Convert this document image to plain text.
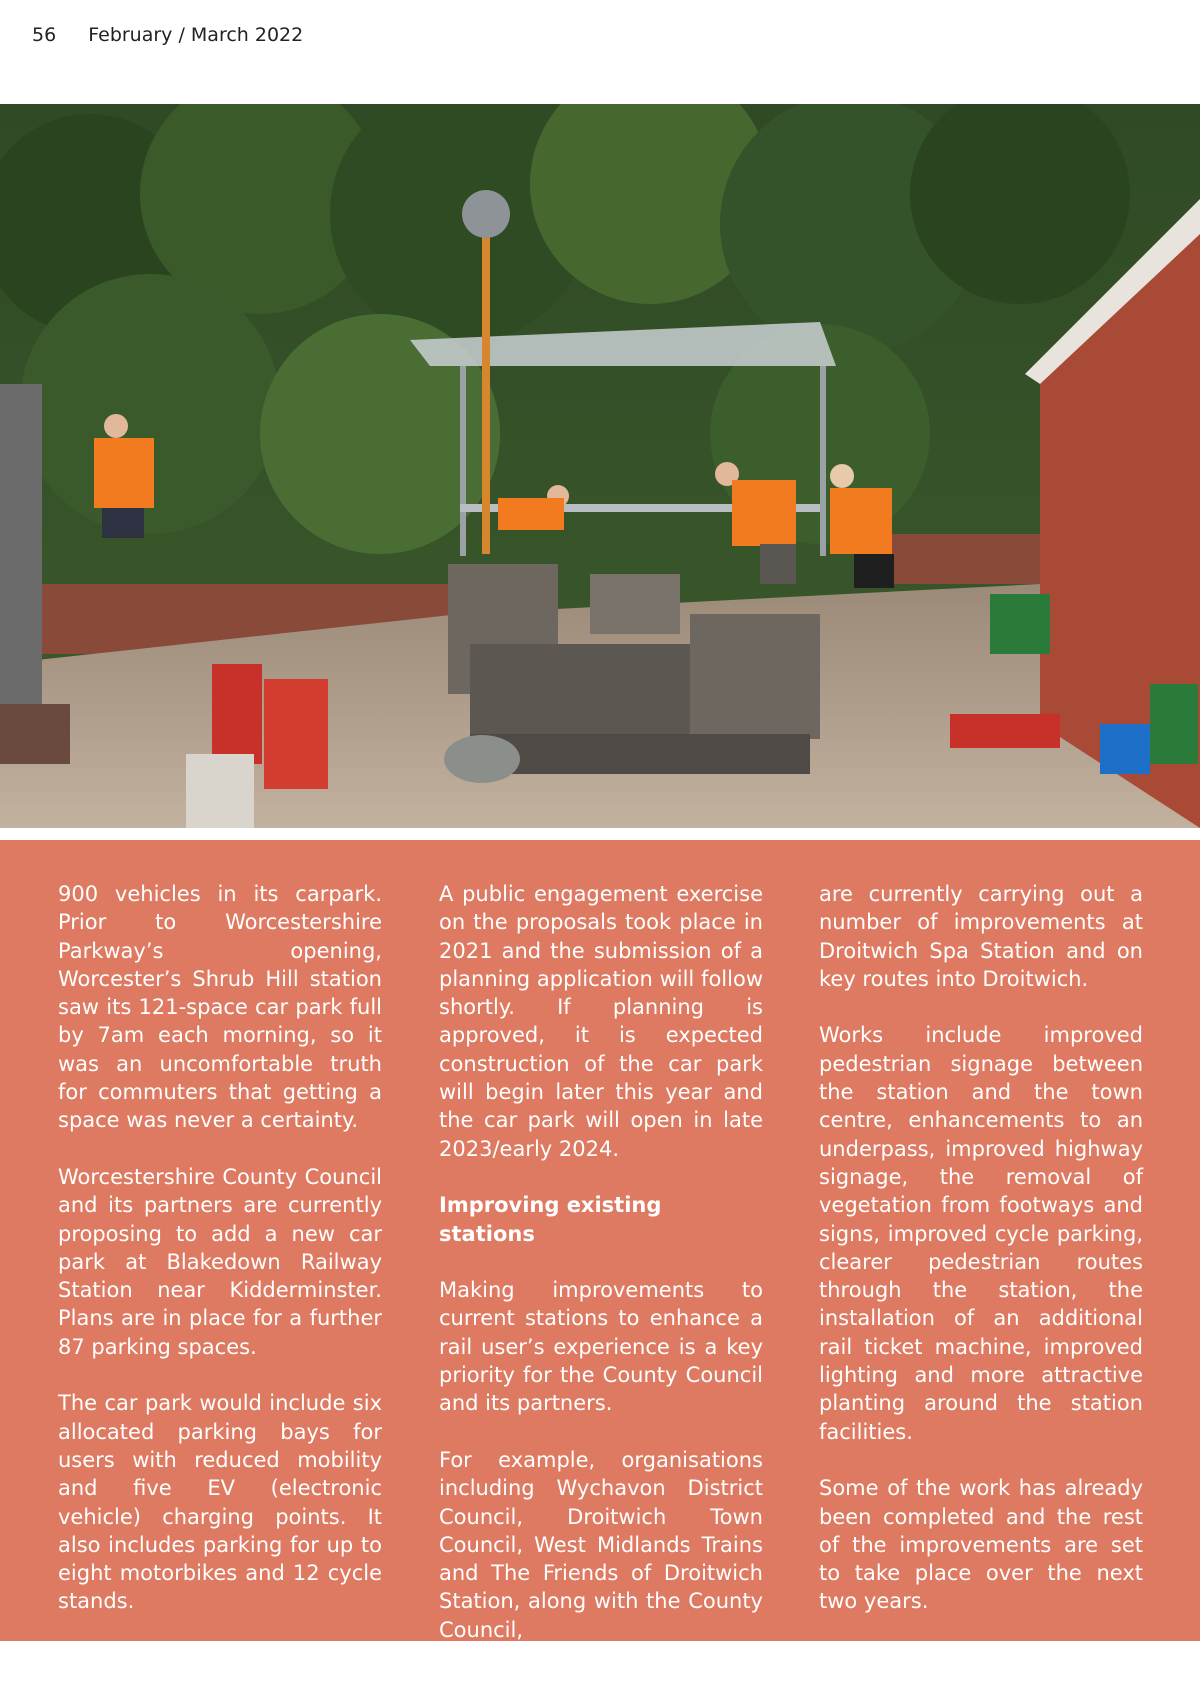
56 February / March 2022

900 vehicles in its carpark. Prior to Worcestershire Parkway’s opening, Worcester’s Shrub Hill station saw its 121-space car park full by 7am each morning, so it was an uncomfortable truth for commuters that getting a space was never a certainty.

Worcestershire County Council and its partners are currently proposing to add a new car park at Blakedown Railway Station near Kidderminster. Plans are in place for a further 87 parking spaces.

The car park would include six allocated parking bays for users with reduced mobility and five EV (electronic vehicle) charging points. It also includes parking for up to eight motorbikes and 12 cycle stands.

A public engagement exercise on the proposals took place in 2021 and the submission of a planning application will follow shortly. If planning is approved, it is expected construction of the car park will begin later this year and the car park will open in late 2023/early 2024.

Improving existing stations

Making improvements to current stations to enhance a rail user’s experience is a key priority for the County Council and its partners.

For example, organisations including Wychavon District Council, Droitwich Town Council, West Midlands Trains and The Friends of Droitwich Station, along with the County Council,

are currently carrying out a number of improvements at Droitwich Spa Station and on key routes into Droitwich.

Works include improved pedestrian signage between the station and the town centre, enhancements to an underpass, improved highway signage, the removal of vegetation from footways and signs, improved cycle parking, clearer pedestrian routes through the station, the installation of an additional rail ticket machine, improved lighting and more attractive planting around the station facilities.

Some of the work has already been completed and the rest of the improvements are set to take place over the next two years.
